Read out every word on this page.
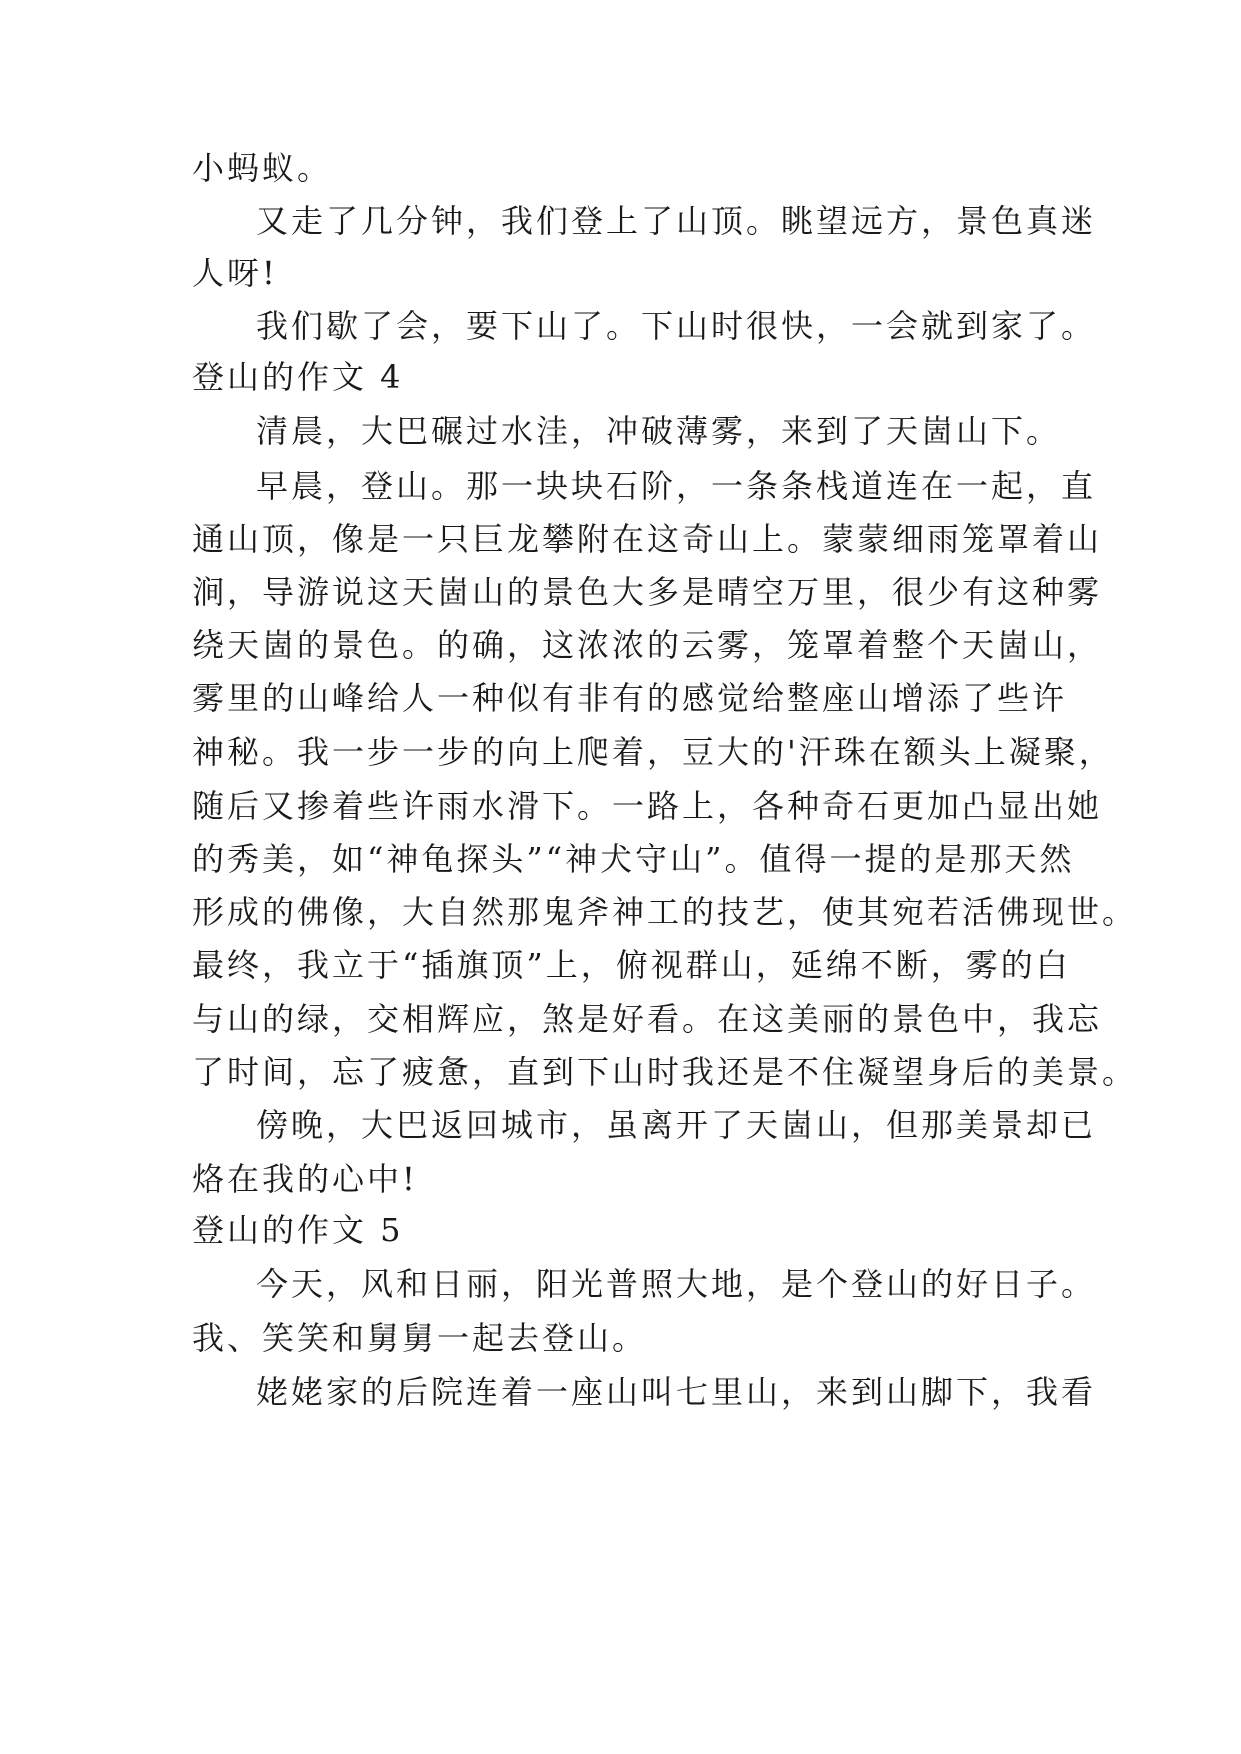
小蚂蚁。
又走了几分钟，我们登上了山顶。眺望远方，景色真迷
人呀!
我们歇了会，要下山了。下山时很快，一会就到家了。
登山的作文 4
清晨，大巴碾过水洼，冲破薄雾，来到了天崮山下。
早晨，登山。那一块块石阶，一条条栈道连在一起，直
通山顶，像是一只巨龙攀附在这奇山上。蒙蒙细雨笼罩着山
涧，导游说这天崮山的景色大多是晴空万里，很少有这种雾
绕天崮的景色。的确，这浓浓的云雾，笼罩着整个天崮山，
雾里的山峰给人一种似有非有的感觉给整座山增添了些许
神秘。我一步一步的向上爬着，豆大的'汗珠在额头上凝聚，
随后又掺着些许雨水滑下。一路上，各种奇石更加凸显出她
的秀美，如“神龟探头”“神犬守山”。值得一提的是那天然
形成的佛像，大自然那鬼斧神工的技艺，使其宛若活佛现世。
最终，我立于“插旗顶”上，俯视群山，延绵不断，雾的白
与山的绿，交相辉应，煞是好看。在这美丽的景色中，我忘
了时间，忘了疲惫，直到下山时我还是不住凝望身后的美景。
傍晚，大巴返回城市，虽离开了天崮山，但那美景却已
烙在我的心中!
登山的作文 5
今天，风和日丽，阳光普照大地，是个登山的好日子。
我、笑笑和舅舅一起去登山。
姥姥家的后院连着一座山叫七里山，来到山脚下，我看
